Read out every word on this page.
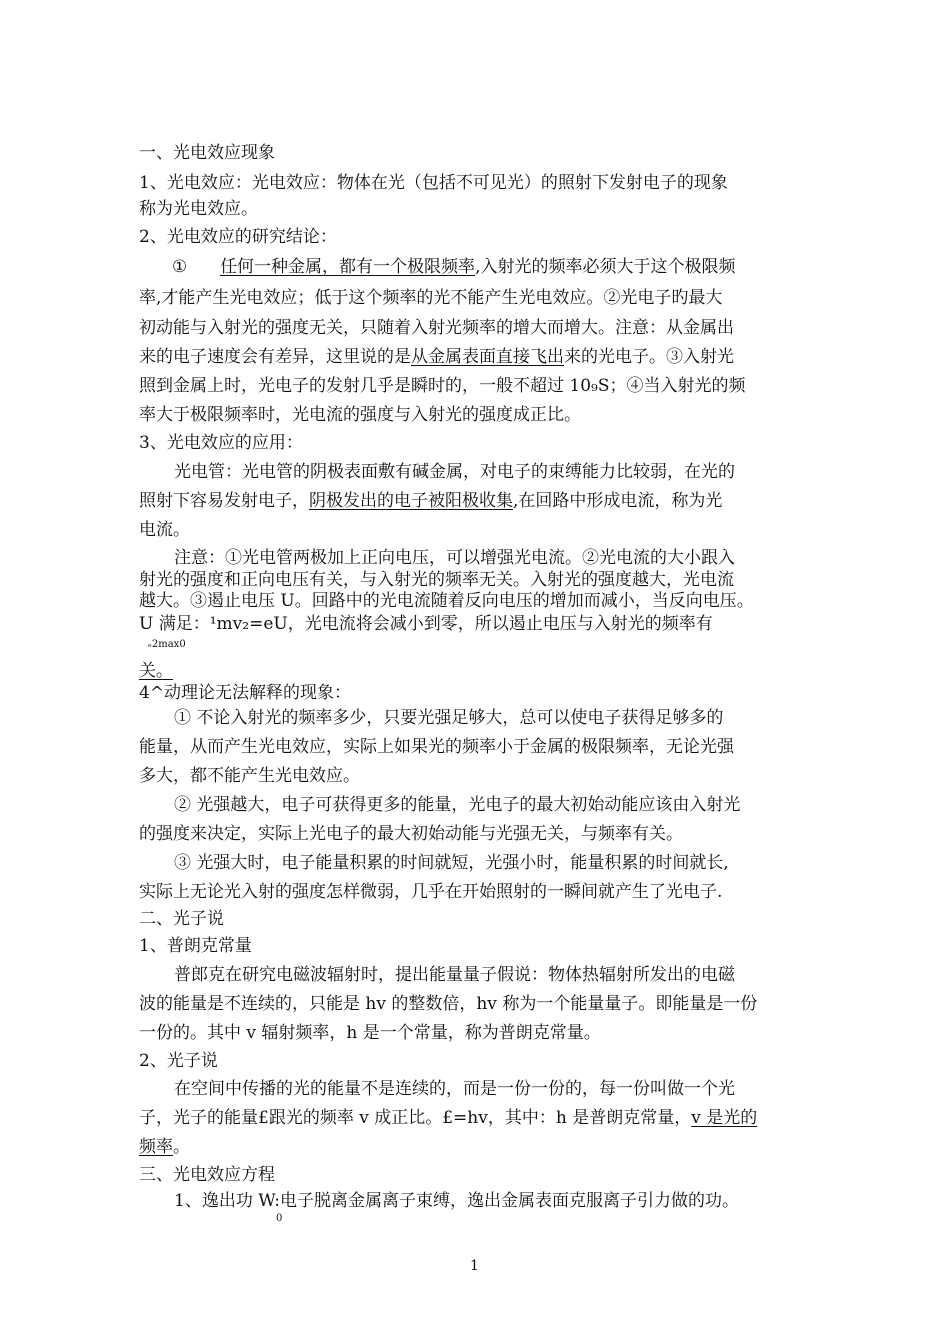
一、光电效应现象
1、光电效应：光电效应：物体在光（包括不可见光）的照射下发射电子的现象
称为光电效应。
2、光电效应的研究结论：
① 任何一种金属，都有一个极限频率,入射光的频率必须大于这个极限频
率,才能产生光电效应；低于这个频率的光不能产生光电效应。②光电子旳最大
初动能与入射光的强度无关，只随着入射光频率的增大而增大。注意：从金属出
来的电子速度会有差异，这里说的是从金属表面直接飞出来的光电子。③入射光
照到金属上时，光电子的发射几乎是瞬时的，一般不超过 10₉S；④当入射光的频
率大于极限频率时，光电流的强度与入射光的强度成正比。
3、光电效应的应用：
光电管：光电管的阴极表面敷有碱金属，对电子的束缚能力比较弱，在光的
照射下容易发射电子，阴极发出的电子被阳极收集,在回路中形成电流，称为光
电流。
注意：①光电管两极加上正向电压，可以增强光电流。②光电流的大小跟入
射光的强度和正向电压有关，与入射光的频率无关。入射光的强度越大，光电流
越大。③遏止电压 U。回路中的光电流随着反向电压的增加而减小，当反向电压。
U 满足：¹mv₂=eU，光电流将会减小到零，所以遏止电压与入射光的频率有
ₑ2max0
关。
4^动理论无法解释的现象：
① 不论入射光的频率多少，只要光强足够大，总可以使电子获得足够多的
能量，从而产生光电效应，实际上如果光的频率小于金属的极限频率，无论光强
多大，都不能产生光电效应。
② 光强越大，电子可获得更多的能量，光电子的最大初始动能应该由入射光
的强度来决定，实际上光电子的最大初始动能与光强无关，与频率有关。
③ 光强大时，电子能量积累的时间就短，光强小时，能量积累的时间就长,
实际上无论光入射的强度怎样微弱，几乎在开始照射的一瞬间就产生了光电子.
二、光子说
1、普朗克常量
普郎克在研究电磁波辐射时，提出能量量子假说：物体热辐射所发出的电磁
波的能量是不连续的，只能是 hv 的整数倍，hv 称为一个能量量子。即能量是一份
一份的。其中 v 辐射频率，h 是一个常量，称为普朗克常量。
2、光子说
在空间中传播的光的能量不是连续的，而是一份一份的，每一份叫做一个光
子，光子的能量£跟光的频率 v 成正比。£=hv，其中：h 是普朗克常量，v 是光的
频率。
三、光电效应方程
1、逸出功 W:电子脱离金属离子束缚，逸出金属表面克服离子引力做的功。
0
1
